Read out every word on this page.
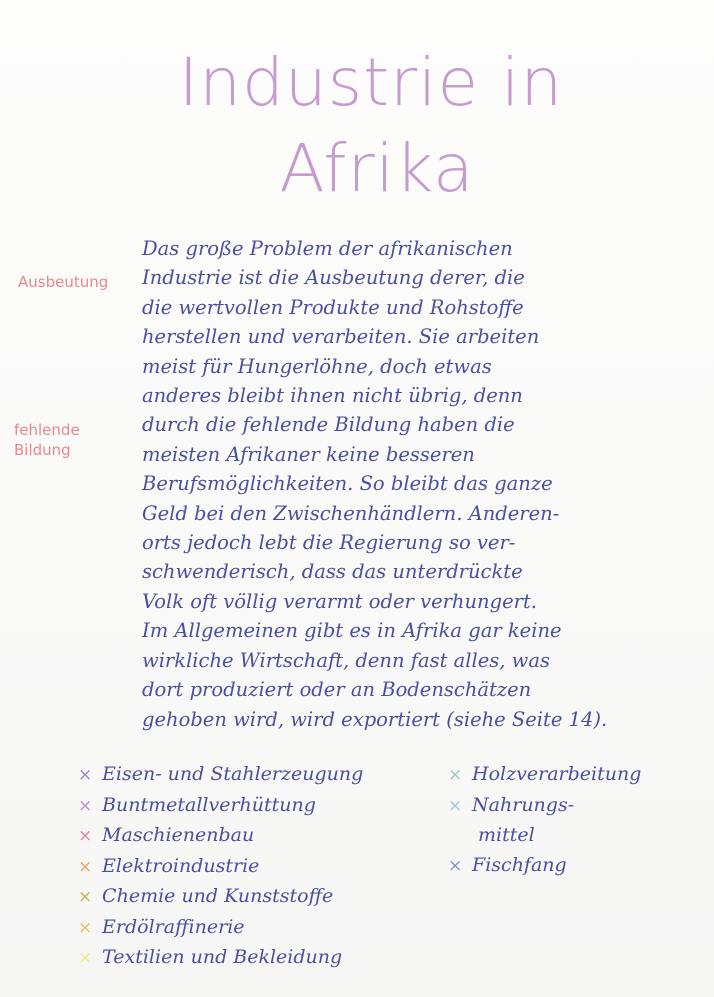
Industrie in
Afrika
Ausbeutung
fehlende
Bildung
Das große Problem der afrikanischen
Industrie ist die Ausbeutung derer, die
die wertvollen Produkte und Rohstoffe
herstellen und verarbeiten. Sie arbeiten
meist für Hungerlöhne, doch etwas
anderes bleibt ihnen nicht übrig, denn
durch die fehlende Bildung haben die
meisten Afrikaner keine besseren
Berufsmöglichkeiten. So bleibt das ganze
Geld bei den Zwischenhändlern. Anderen-
orts jedoch lebt die Regierung so ver-
schwenderisch, dass das unterdrückte
Volk oft völlig verarmt oder verhungert.
Im Allgemeinen gibt es in Afrika gar keine
wirkliche Wirtschaft, denn fast alles, was
dort produziert oder an Bodenschätzen
gehoben wird, wird exportiert (siehe Seite 14).
× Eisen- und Stahlerzeugung
× Buntmetallverhüttung
× Maschienenbau
× Elektroindustrie
× Chemie und Kunststoffe
× Erdölraffinerie
× Textilien und Bekleidung
× Holzverarbeitung
× Nahrungs-
mittel
× Fischfang
